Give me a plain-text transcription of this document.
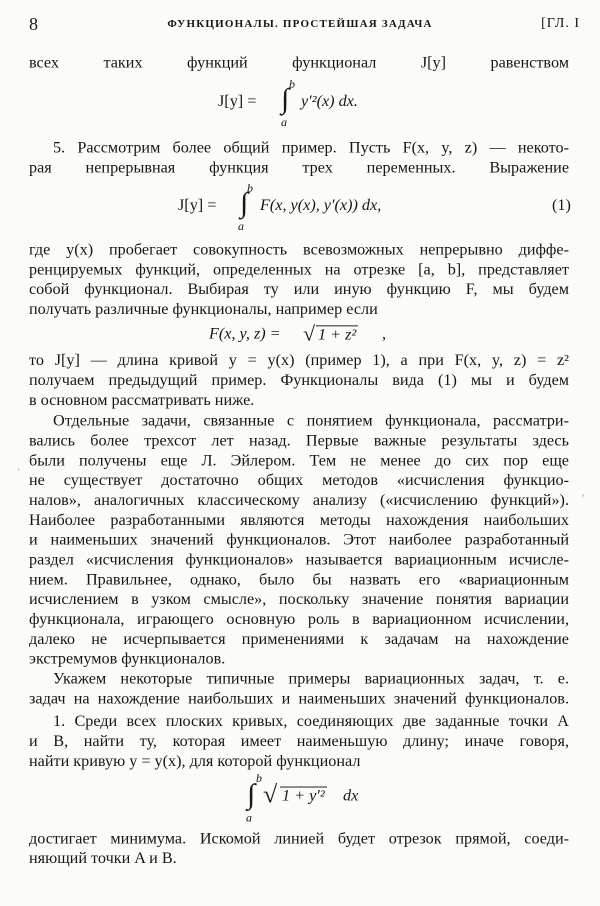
8	ФУНКЦИОНАЛЫ. ПРОСТЕЙШАЯ ЗАДАЧА	[ГЛ. I
всех таких функций функционал J[y] равенством
J[y] = ∫ b
a
y′²(x) dx.
5. Рассмотрим более общий пример. Пусть F(x, y, z) — некото-
рая непрерывная функция трех переменных. Выражение
J[y] = ∫
b
a
F(x, y(x), y′(x)) dx,	(1)
где y(x) пробегает совокупность всевозможных непрерывно диффе-
ренцируемых функций, определенных на отрезке [a, b], представляет
собой функционал. Выбирая ту или иную функцию F, мы будем
получать различные функционалы, например если
F(x, y, z) = √ 1 + z² ,
то J[y] — длина кривой y = y(x) (пример 1), а при F(x, y, z) = z²
получаем предыдущий пример. Функционалы вида (1) мы и будем
в основном рассматривать ниже.
Отдельные задачи, связанные с понятием функционала, рассматри-
вались более трехсот лет назад. Первые важные результаты здесь
были получены еще Л. Эйлером. Тем не менее до сих пор еще
не существует достаточно общих методов «исчисления функцио-
налов», аналогичных классическому анализу («исчислению функций»).
Наиболее разработанными являются методы нахождения наибольших
и наименьших значений функционалов. Этот наиболее разработанный
раздел «исчисления функционалов» называется вариационным исчисле-
нием. Правильнее, однако, было бы назвать его «вариационным
исчислением в узком смысле», поскольку значение понятия вариации
функционала, играющего основную роль в вариационном исчислении,
далеко не исчерпывается применениями к задачам на нахождение
экстремумов функционалов.
Укажем некоторые типичные примеры вариационных задач, т. е.
задач на нахождение наибольших и наименьших значений функционалов.
1. Среди всех плоских кривых, соединяющих две заданные точки A
и B, найти ту, которая имеет наименьшую длину; иначе говоря,
найти кривую y = y(x), для которой функционал
.
'
∫
b
a
√ 1 + y′² dx
достигает минимума. Искомой линией будет отрезок прямой, соеди-
няющий точки A и B.
